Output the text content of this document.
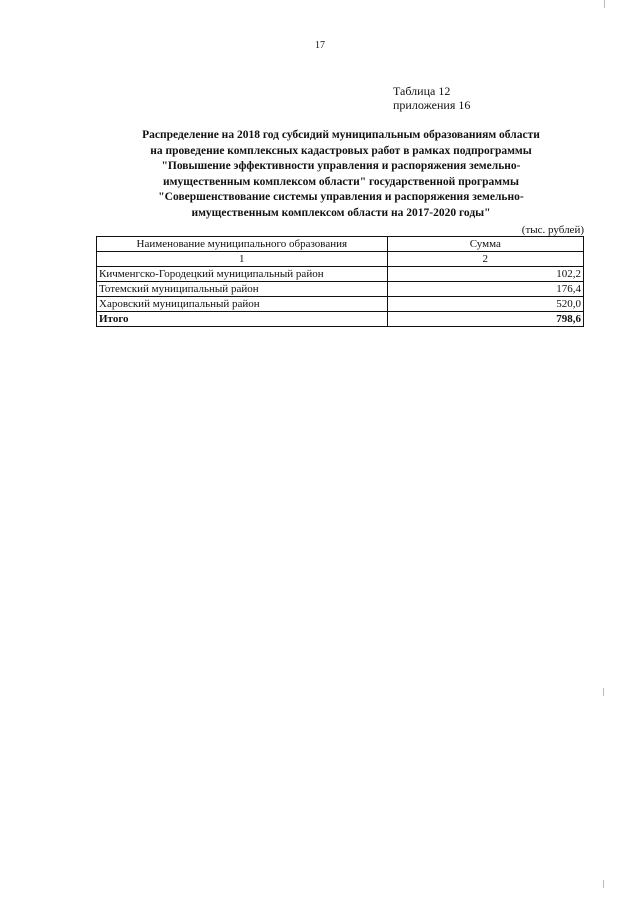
17
Таблица 12
приложения 16
Распределение на 2018 год субсидий муниципальным образованиям области
на проведение комплексных кадастровых работ в рамках подпрограммы
"Повышение эффективности управления и распоряжения земельно-
имущественным комплексом области" государственной программы
"Совершенствование системы управления и распоряжения земельно-
имущественным комплексом области на 2017-2020 годы"
(тыс. рублей)
Наименование муниципального образования	Сумма
1	2
Кичменгско-Городецкий муниципальный район	102,2
Тотемский муниципальный район	176,4
Харовский муниципальный район	520,0
Итого	798,6
